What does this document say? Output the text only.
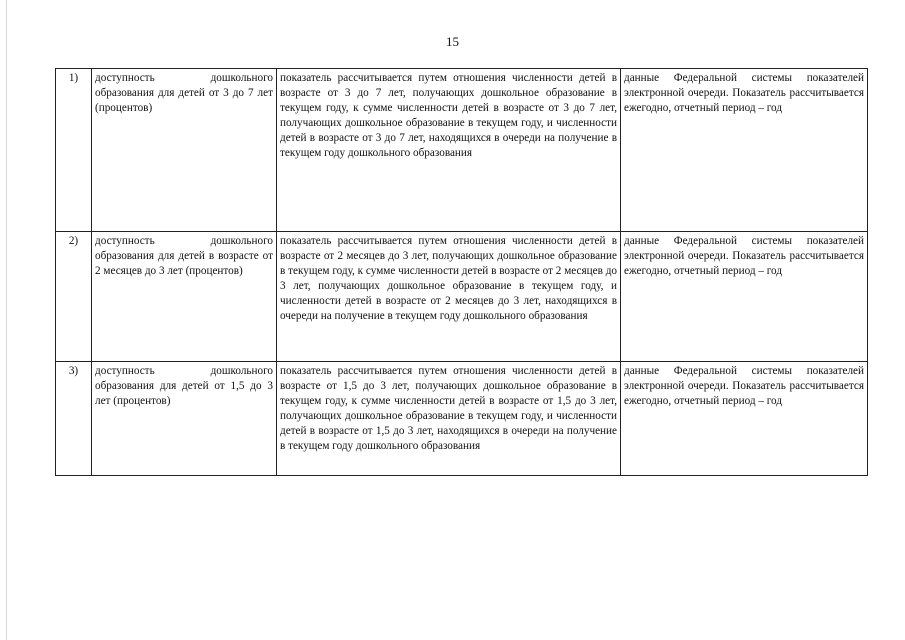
15
1)	доступность дошкольного образования для детей от 3 до 7 лет (процентов)	показатель рассчитывается путем отношения численности детей в возрасте от 3 до 7 лет, получающих дошкольное образование в текущем году, к сумме численности детей в возрасте от 3 до 7 лет, получающих дошкольное образование в текущем году, и численности детей в возрасте от 3 до 7 лет, находящихся в очереди на получение в текущем году дошкольного образования	данные Федеральной системы показателей электронной очереди. Показатель рассчитывается ежегодно, отчетный период – год
2)	доступность дошкольного образования для детей в возрасте от 2 месяцев до 3 лет (процентов)	показатель рассчитывается путем отношения численности детей в возрасте от 2 месяцев до 3 лет, получающих дошкольное образование в текущем году, к сумме численности детей в возрасте от 2 месяцев до 3 лет, получающих дошкольное образование в текущем году, и численности детей в возрасте от 2 месяцев до 3 лет, находящихся в очереди на получение в текущем году дошкольного образования	данные Федеральной системы показателей электронной очереди. Показатель рассчитывается ежегодно, отчетный период – год
3)	доступность дошкольного образования для детей от 1,5 до 3 лет (процентов)	показатель рассчитывается путем отношения численности детей в возрасте от 1,5 до 3 лет, получающих дошкольное образование в текущем году, к сумме численности детей в возрасте от 1,5 до 3 лет, получающих дошкольное образование в текущем году, и численности детей в возрасте от 1,5 до 3 лет, находящихся в очереди на получение в текущем году дошкольного образования	данные Федеральной системы показателей электронной очереди. Показатель рассчитывается ежегодно, отчетный период – год
